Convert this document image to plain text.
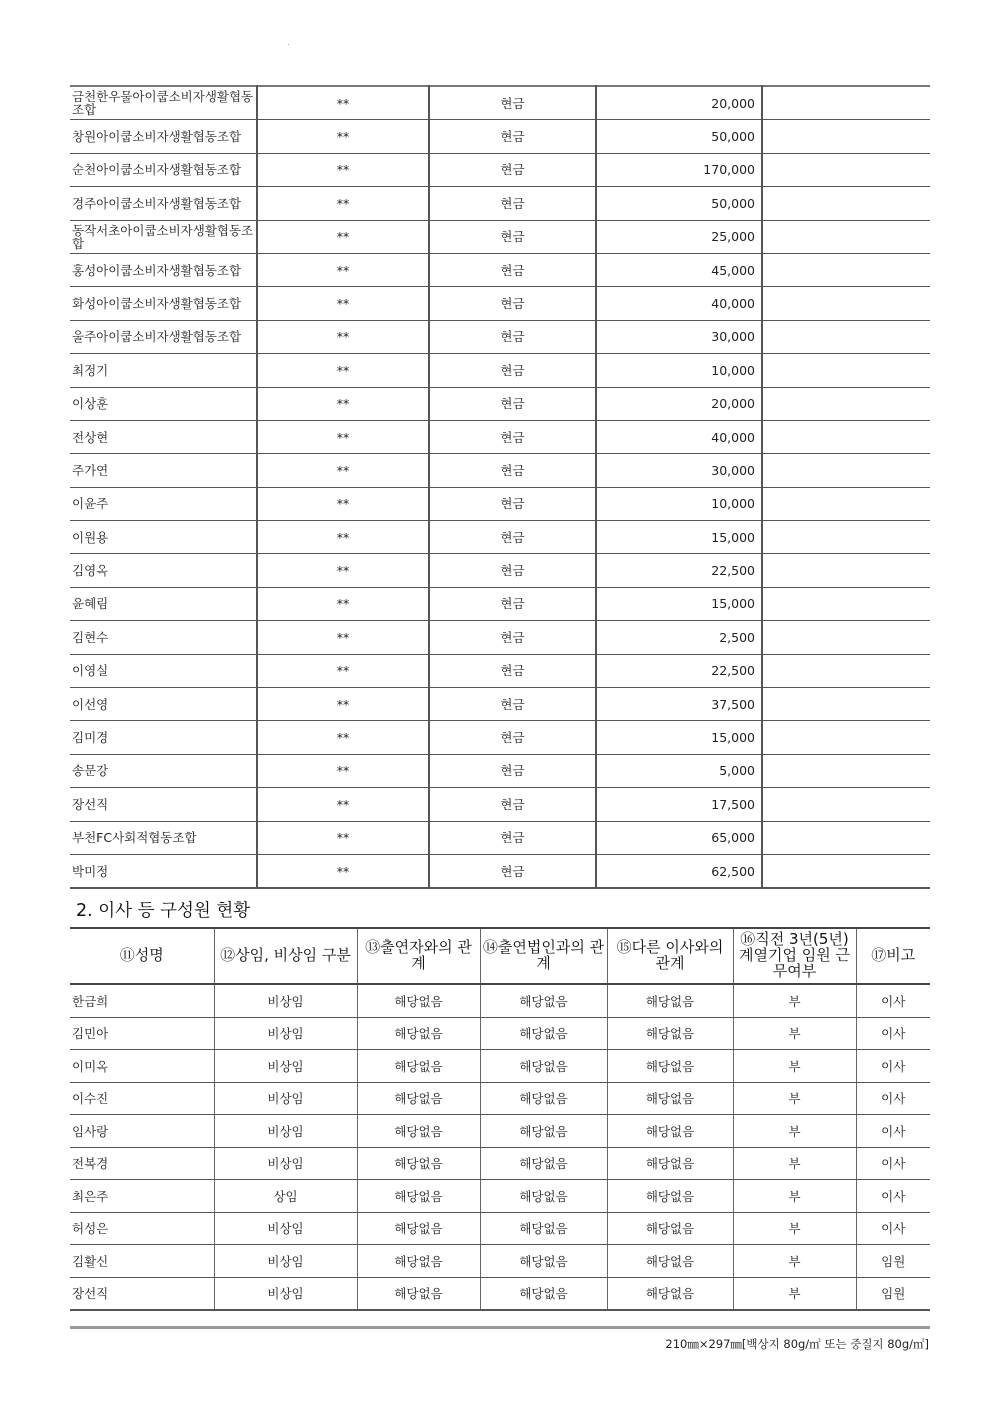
.
금천한우물아이쿱소비자생활협동조합	**	현금	20,000	
창원아이쿱소비자생활협동조합	**	현금	50,000	
순천아이쿱소비자생활협동조합	**	현금	170,000	
경주아이쿱소비자생활협동조합	**	현금	50,000	
동작서초아이쿱소비자생활협동조합	**	현금	25,000	
홍성아이쿱소비자생활협동조합	**	현금	45,000	
화성아이쿱소비자생활협동조합	**	현금	40,000	
울주아이쿱소비자생활협동조합	**	현금	30,000	
최정기	**	현금	10,000	
이상훈	**	현금	20,000	
전상현	**	현금	40,000	
주가연	**	현금	30,000	
이윤주	**	현금	10,000	
이원용	**	현금	15,000	
김영옥	**	현금	22,500	
윤혜림	**	현금	15,000	
김현수	**	현금	2,500	
이영실	**	현금	22,500	
이선영	**	현금	37,500	
김미경	**	현금	15,000	
송문강	**	현금	5,000	
장선직	**	현금	17,500	
부천FC사회적협동조합	**	현금	65,000	
박미정	**	현금	62,500	
2. 이사 등 구성원 현황
⑪성명	⑫상임, 비상임 구분	⑬출연자와의 관계	⑭출연법인과의 관계	⑮다른 이사와의 관계	⑯직전 3년(5년) 계열기업 임원 근무여부	⑰비고
한금희	비상임	해당없음	해당없음	해당없음	부	이사
김민아	비상임	해당없음	해당없음	해당없음	부	이사
이미옥	비상임	해당없음	해당없음	해당없음	부	이사
이수진	비상임	해당없음	해당없음	해당없음	부	이사
임사랑	비상임	해당없음	해당없음	해당없음	부	이사
전복경	비상임	해당없음	해당없음	해당없음	부	이사
최은주	상임	해당없음	해당없음	해당없음	부	이사
허성은	비상임	해당없음	해당없음	해당없음	부	이사
김활신	비상임	해당없음	해당없음	해당없음	부	임원
장선직	비상임	해당없음	해당없음	해당없음	부	임원
210㎜×297㎜[백상지 80g/㎡ 또는 중질지 80g/㎡]
